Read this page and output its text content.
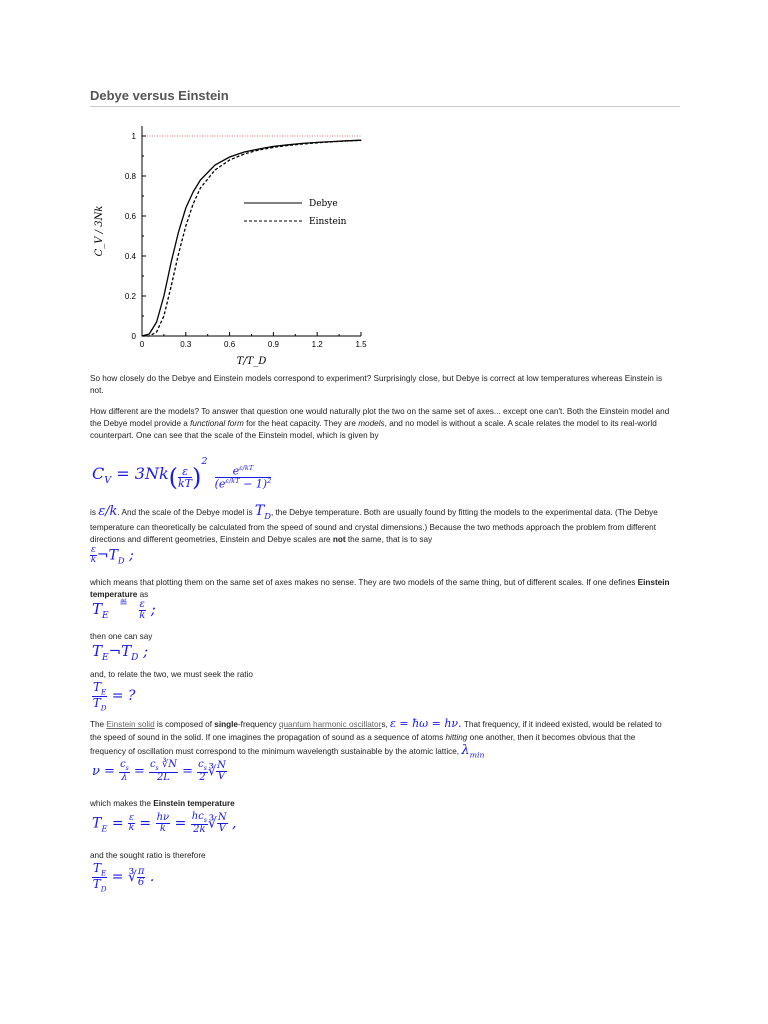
Debye versus Einstein
0	0.3	0.6	0.9	1.2	1.5
0
0.2
0.4
0.6
0.8
1
T/T_D
C_V / 3Nk
Debye
Einstein

So how closely do the Debye and Einstein models correspond to experiment? Surprisingly close, but Debye is correct at low temperatures whereas Einstein is not.

How different are the models? To answer that question one would naturally plot the two on the same set of axes... except one can't. Both the Einstein model and the Debye model provide a functional form for the heat capacity. They are models, and no model is without a scale. A scale relates the model to its real-world counterpart. One can see that the scale of the Einstein model, which is given by

$C_V = 3Nk( \frac{\varepsilon}{kT} )^2$
$\frac{e^{\varepsilon/kT}}{(e^{\varepsilon/kT} - 1)^2}$

is ε/k. And the scale of the Debye model is $T_D$, the Debye temperature. Both are usually found by fitting the models to the experimental data. (The Debye temperature can theoretically be calculated from the speed of sound and crystal dimensions.) Because the two methods approach the problem from different directions and different geometries, Einstein and Debye scales are not the same, that is to say

$\frac{\varepsilon}{k}$ $\neg T_D$ ;

which means that plotting them on the same set of axes makes no sense. They are two models of the same thing, but of different scales. If one defines Einstein temperature as

$T_E$ $^≝ \frac{\varepsilon}{k}$ ;

then one can say

$T_E\neg T_D$ ;

and, to relate the two, we must seek the ratio

$\frac{T_E}{T_D}$ = ?

The Einstein solid is composed of single-frequency quantum harmonic oscillators, ε = ħω = hν. That frequency, if it indeed existed, would be related to the speed of sound in the solid. If one imagines the propagation of sound as a sequence of atoms hitting one another, then it becomes obvious that the frequency of oscillation must correspond to the minimum wavelength sustainable by the atomic lattice, $\lambda_{min}$

$\nu = \frac{c_s}{\lambda} = \frac{c_s ∛N}{2L} = \frac{c_s}{2}$ ∛ $\frac{N}{V}$

which makes the Einstein temperature

$T_E = \frac{\varepsilon}{k} = \frac{h\nu}{k} = \frac{hc_s}{2k}$ ∛ $\frac{N}{V}$ ,

and the sought ratio is therefore

$\frac{T_E}{T_D}$ = ∛ $\frac{\pi}{6}$ .
